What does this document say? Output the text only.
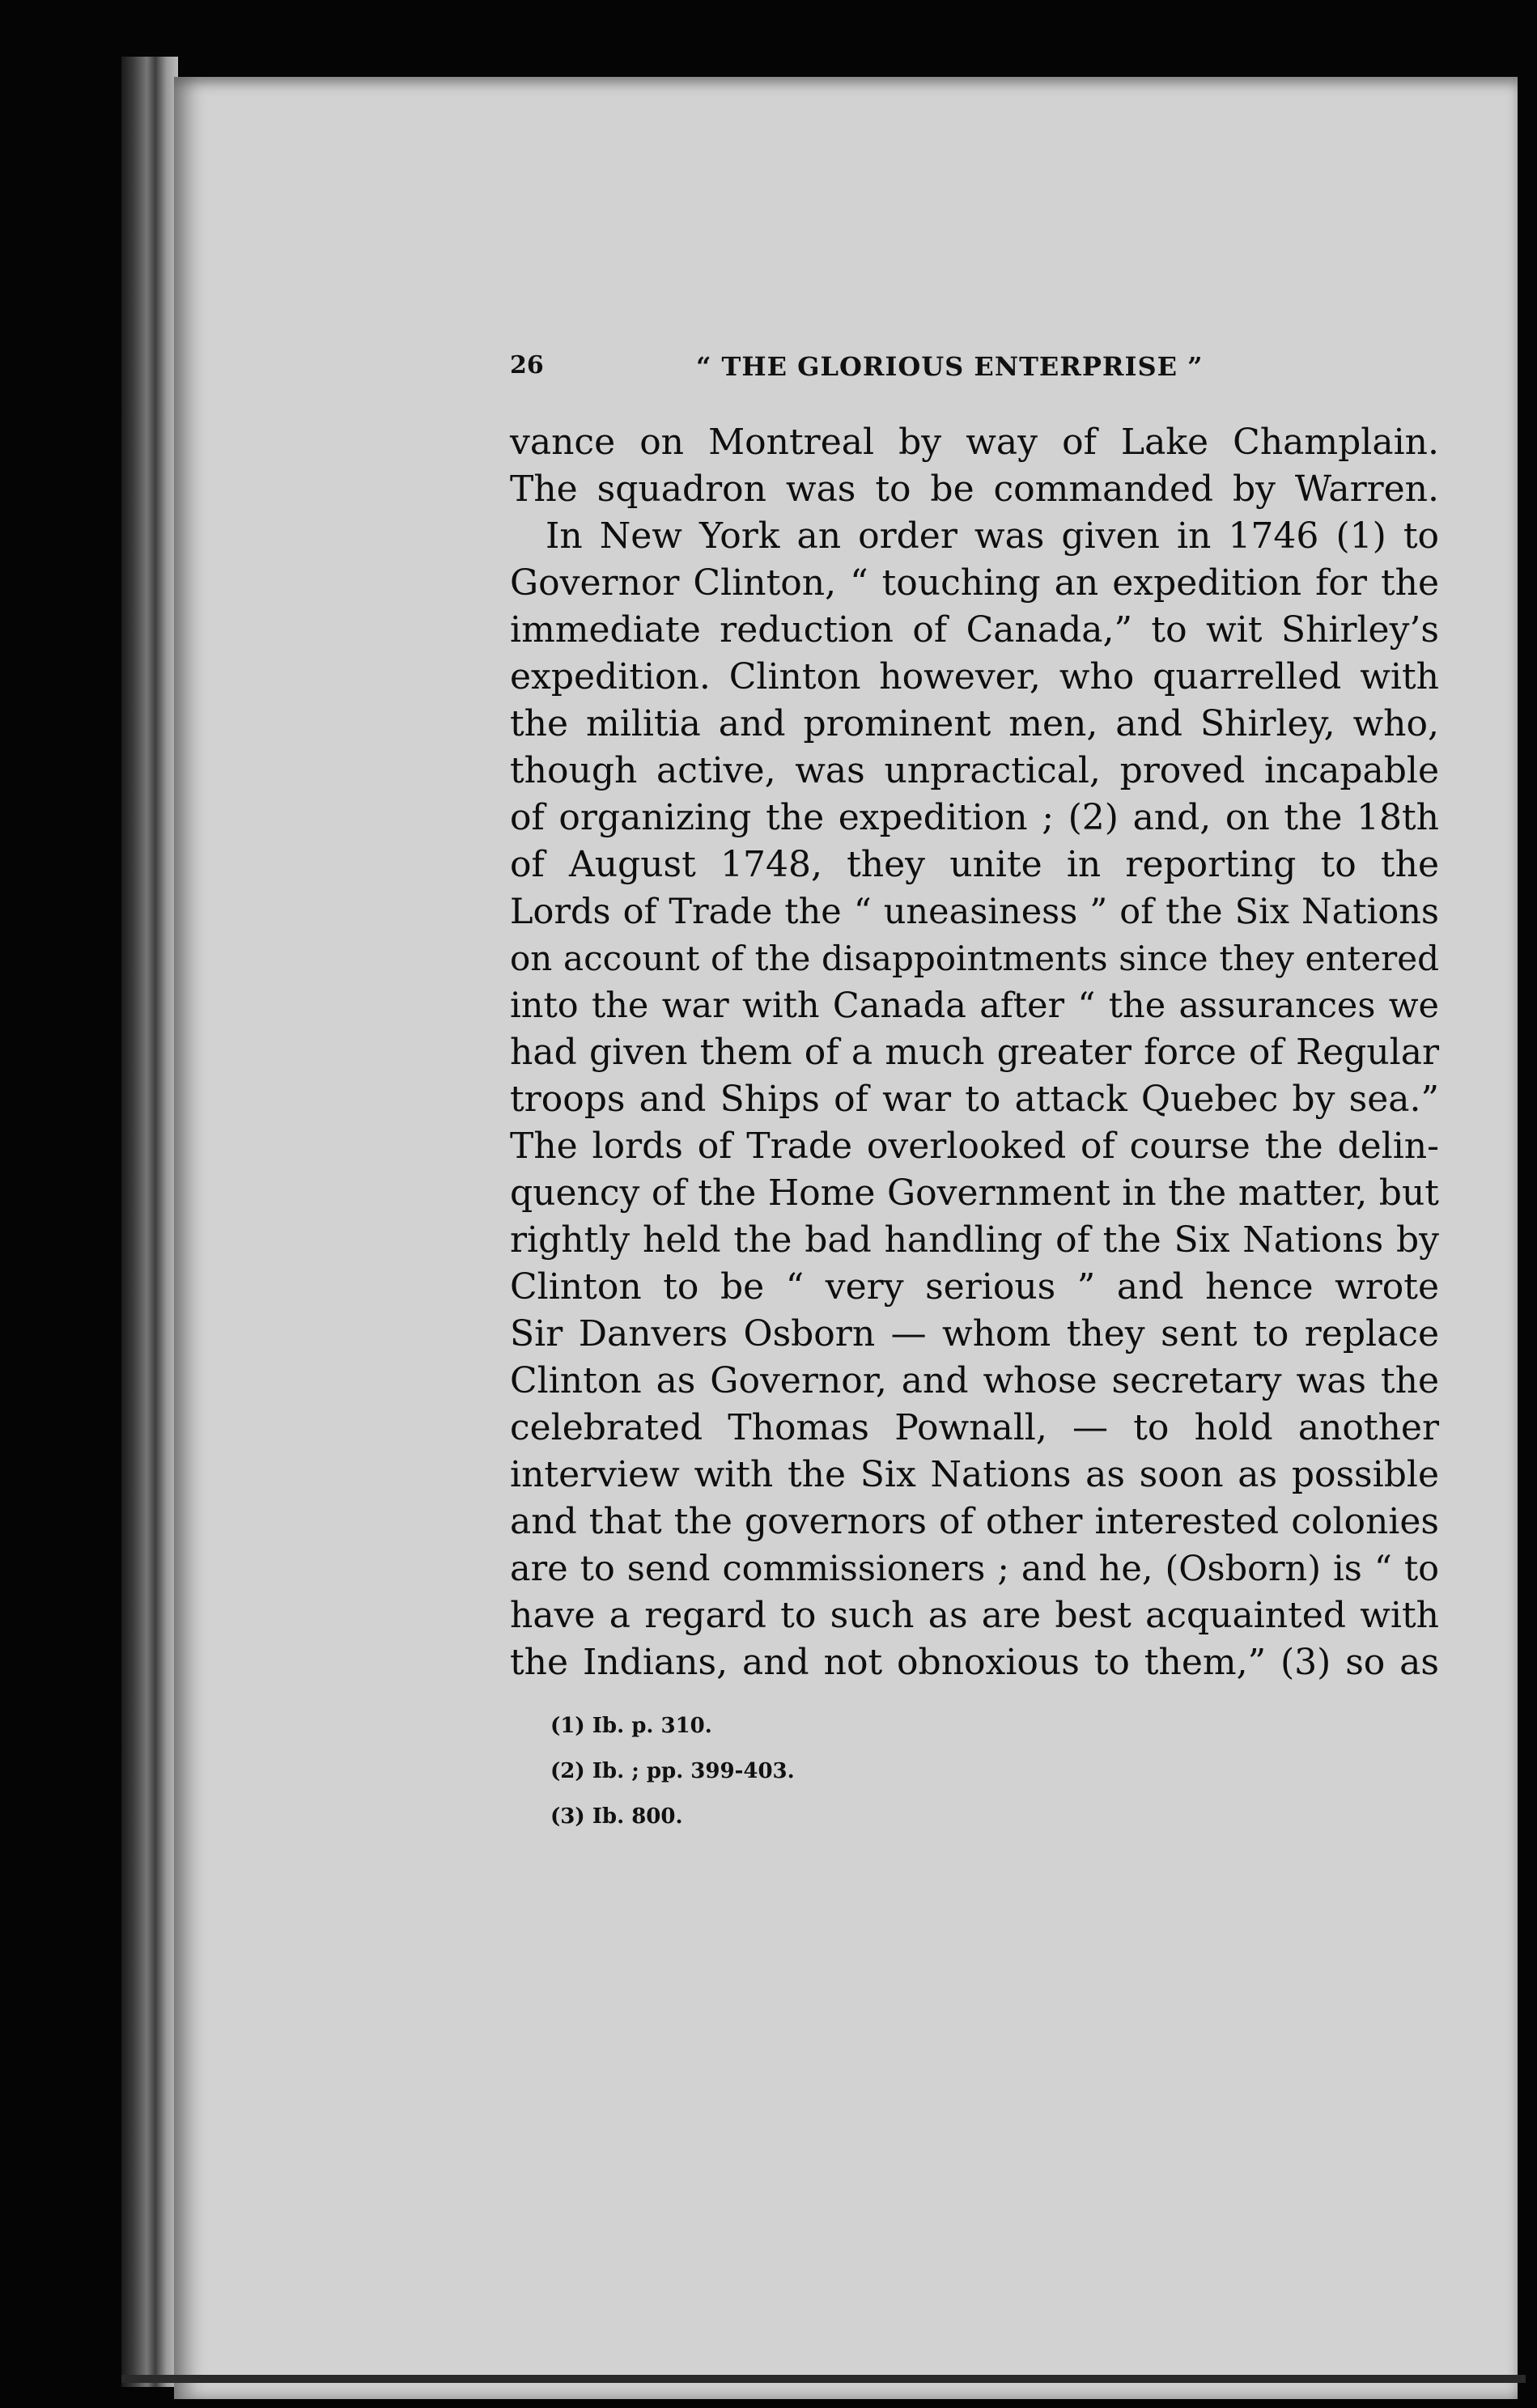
26	“ THE GLORIOUS ENTERPRISE ”
vance on Montreal by way of Lake Champlain.
The squadron was to be commanded by Warren.
In New York an order was given in 1746 (1) to
Governor Clinton, “ touching an expedition for the
immediate reduction of Canada,” to wit Shirley’s
expedition. Clinton however, who quarrelled with
the militia and prominent men, and Shirley, who,
though active, was unpractical, proved incapable
of organizing the expedition ; (2) and, on the 18th
of August 1748, they unite in reporting to the
Lords of Trade the “ uneasiness ” of the Six Nations
on account of the disappointments since they entered
into the war with Canada after “ the assurances we
had given them of a much greater force of Regular
troops and Ships of war to attack Quebec by sea.”
The lords of Trade overlooked of course the delin-
quency of the Home Government in the matter, but
rightly held the bad handling of the Six Nations by
Clinton to be “ very serious ” and hence wrote
Sir Danvers Osborn — whom they sent to replace
Clinton as Governor, and whose secretary was the
celebrated Thomas Pownall, — to hold another
interview with the Six Nations as soon as possible
and that the governors of other interested colonies
are to send commissioners ; and he, (Osborn) is “ to
have a regard to such as are best acquainted with
the Indians, and not obnoxious to them,” (3) so as
(1) Ib. p. 310.
(2) Ib. ; pp. 399-403.
(3) Ib. 800.
